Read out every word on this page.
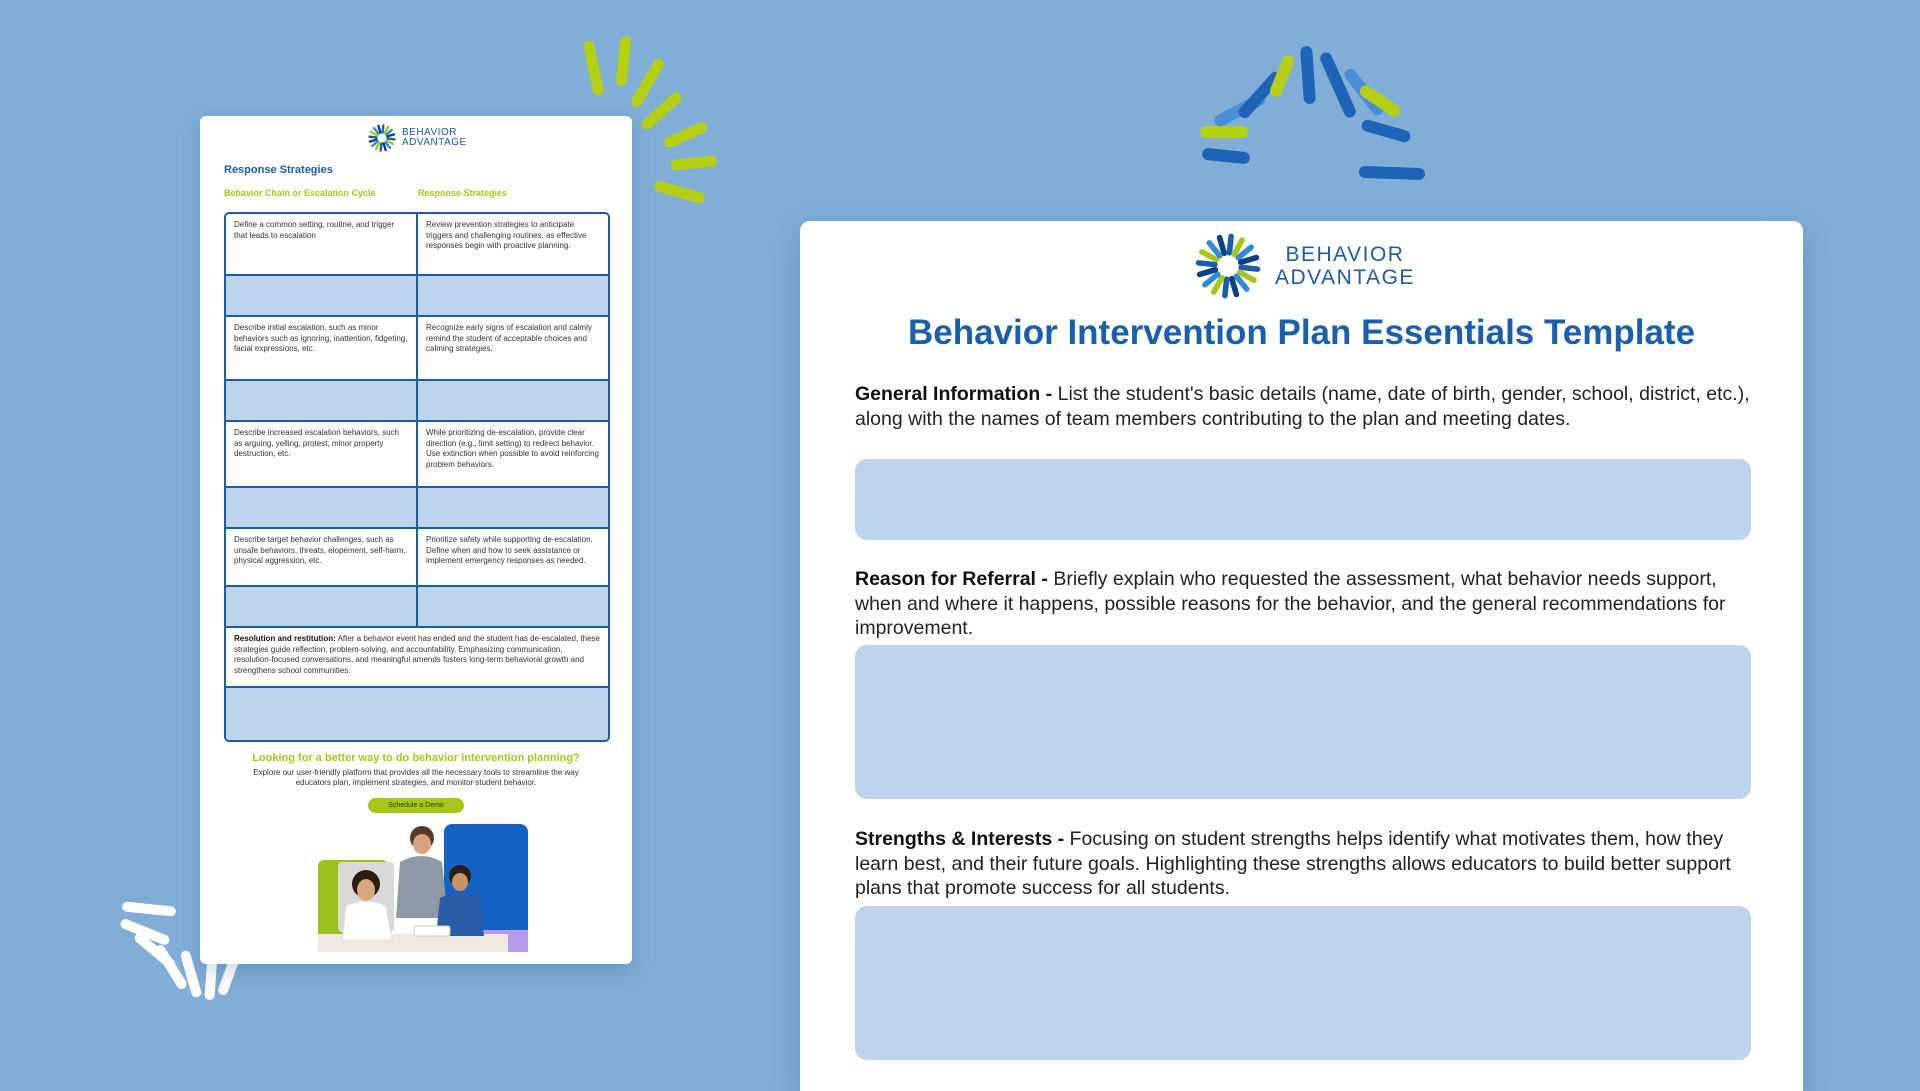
BEHAVIOR
ADVANTAGE
Response Strategies
Behavior Chain or Escalation Cycle	Response Strategies
Define a common setting, routine, and trigger that leads to escalation
Review prevention strategies to anticipate triggers and challenging routines, as effective responses begin with proactive planning.
Describe initial escalation, such as minor behaviors such as ignoring, inattention, fidgeting, facial expressions, etc.
Recognize early signs of escalation and calmly remind the student of acceptable choices and calming strategies.
Describe increased escalation behaviors, such as arguing, yelling, protest, minor property destruction, etc.
While prioritizing de-escalation, provide clear direction (e.g., limit setting) to redirect behavior. Use extinction when possible to avoid reinforcing problem behaviors.
Describe target behavior challenges, such as unsafe behaviors, threats, elopement, self-harm, physical aggression, etc.
Prioritize safety while supporting de-escalation. Define when and how to seek assistance or implement emergency responses as needed.
Resolution and restitution: After a behavior event has ended and the student has de-escalated, these strategies guide reflection, problem-solving, and accountability. Emphasizing communication, resolution-focused conversations, and meaningful amends fosters long-term behavioral growth and strengthens school communities.
Looking for a better way to do behavior intervention planning?
Explore our user-friendly platform that provides all the necessary tools to streamline the way educators plan, implement strategies, and monitor student behavior.
Schedule a Demo
BEHAVIOR
ADVANTAGE
Behavior Intervention Plan Essentials Template
General Information - List the student's basic details (name, date of birth, gender, school, district, etc.), along with the names of team members contributing to the plan and meeting dates.
Reason for Referral - Briefly explain who requested the assessment, what behavior needs support, when and where it happens, possible reasons for the behavior, and the general recommendations for improvement.
Strengths & Interests - Focusing on student strengths helps identify what motivates them, how they learn best, and their future goals. Highlighting these strengths allows educators to build better support plans that promote success for all students.
